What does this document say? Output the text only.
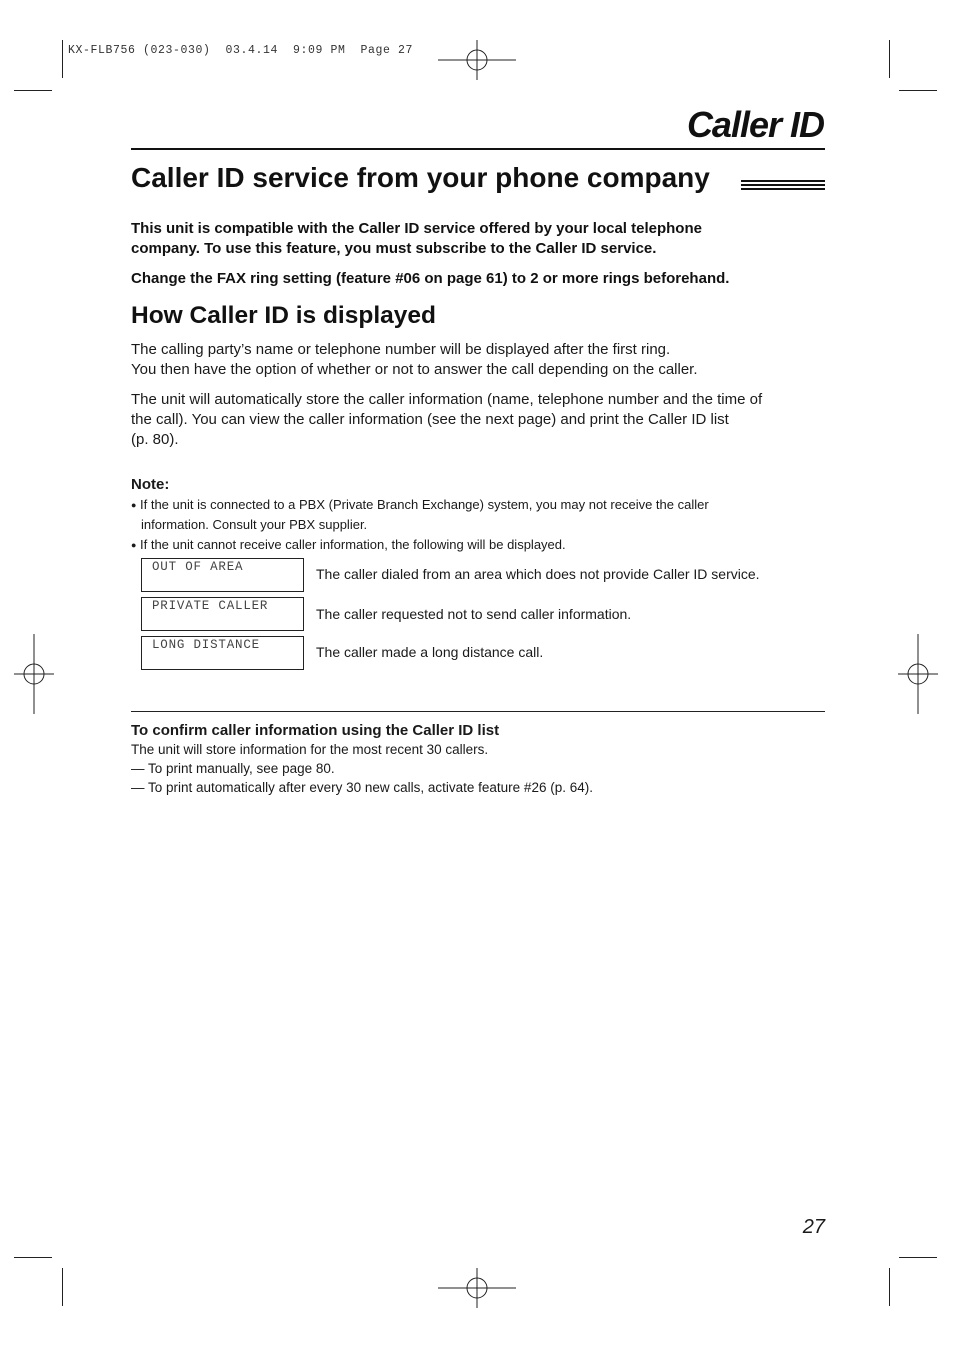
KX-FLB756 (023-030)  03.4.14  9:09 PM  Page 27
Caller ID
Caller ID service from your phone company
This unit is compatible with the Caller ID service offered by your local telephone
company. To use this feature, you must subscribe to the Caller ID service.
Change the FAX ring setting (feature #06 on page 61) to 2 or more rings beforehand.
How Caller ID is displayed
The calling party’s name or telephone number will be displayed after the first ring.
You then have the option of whether or not to answer the call depending on the caller.
The unit will automatically store the caller information (name, telephone number and the time of
the call). You can view the caller information (see the next page) and print the Caller ID list
(p. 80).
Note:
● If the unit is connected to a PBX (Private Branch Exchange) system, you may not receive the caller
information. Consult your PBX supplier.
● If the unit cannot receive caller information, the following will be displayed.
OUT OF AREA	The caller dialed from an area which does not provide Caller ID service.
PRIVATE CALLER	The caller requested not to send caller information.
LONG DISTANCE	The caller made a long distance call.
To confirm caller information using the Caller ID list
The unit will store information for the most recent 30 callers.
— To print manually, see page 80.
— To print automatically after every 30 new calls, activate feature #26 (p. 64).
27
